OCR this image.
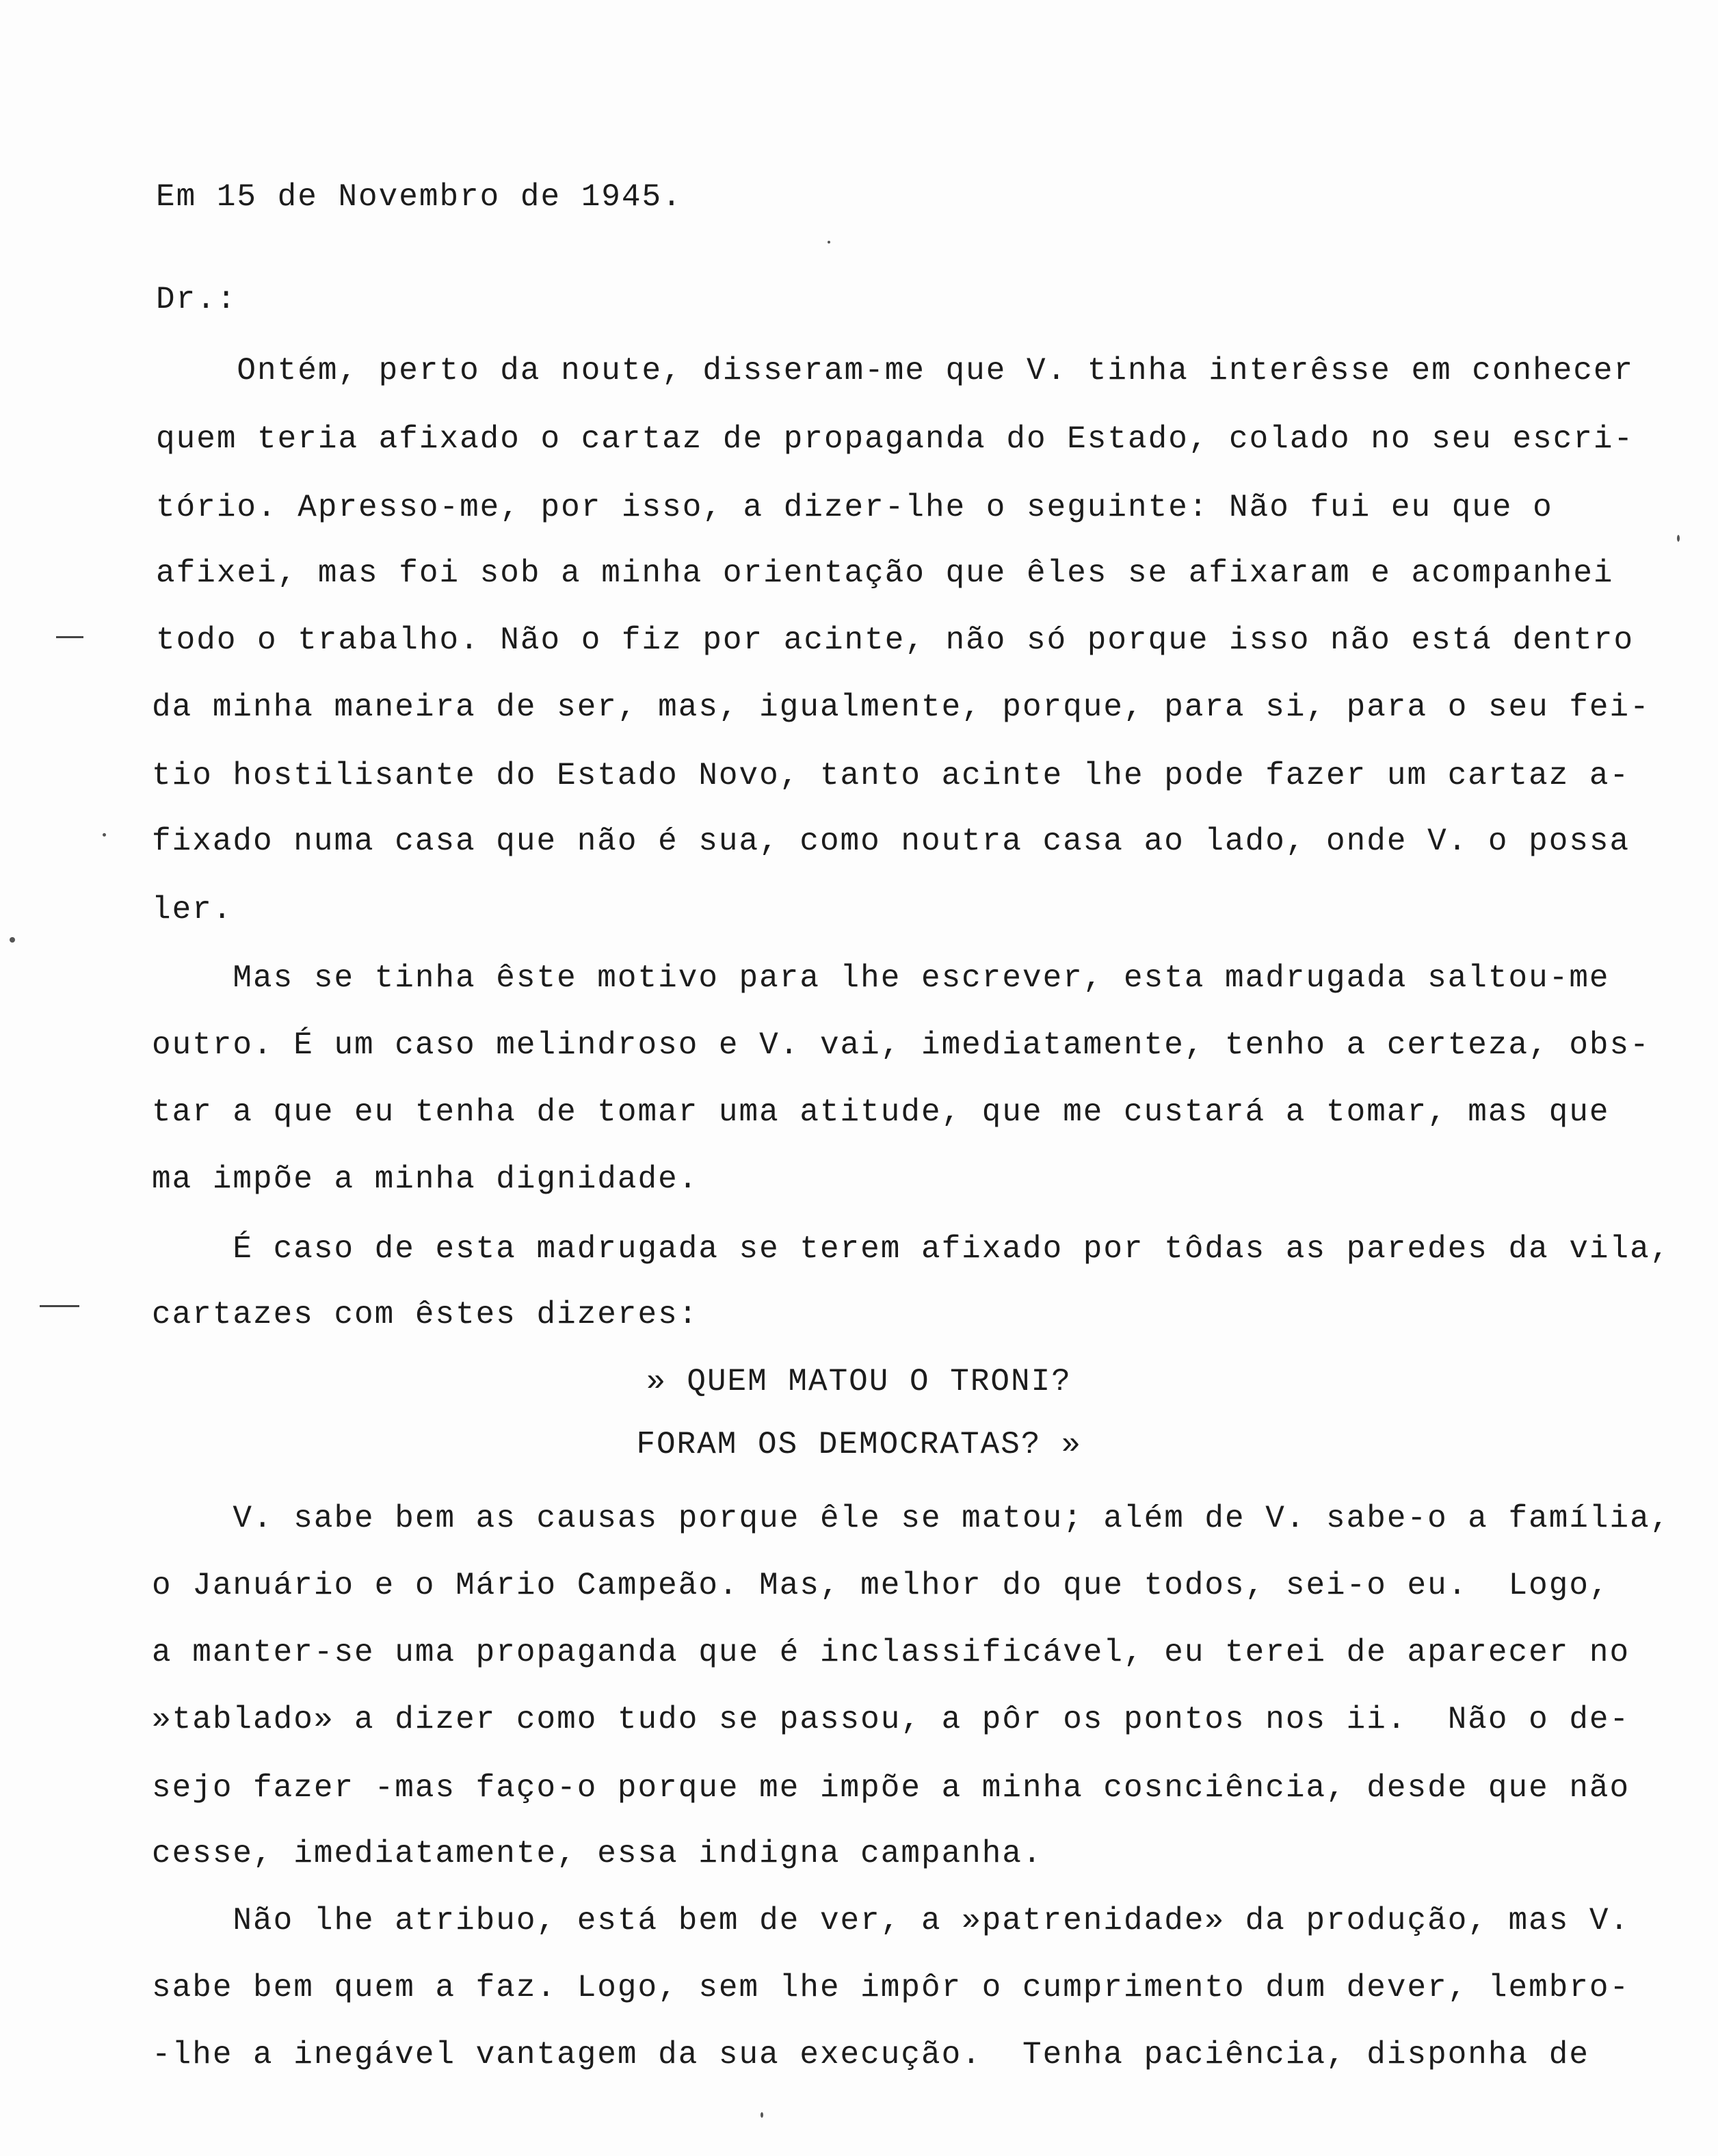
Em 15 de Novembro de 1945.
Dr.:
Ontém, perto da noute, disseram-me que V. tinha interêsse em conhecer
quem teria afixado o cartaz de propaganda do Estado, colado no seu escri-
tório. Apresso-me, por isso, a dizer-lhe o seguinte: Não fui eu que o
afixei, mas foi sob a minha orientação que êles se afixaram e acompanhei
todo o trabalho. Não o fiz por acinte, não só porque isso não está dentro
da minha maneira de ser, mas, igualmente, porque, para si, para o seu fei-
tio hostilisante do Estado Novo, tanto acinte lhe pode fazer um cartaz a-
fixado numa casa que não é sua, como noutra casa ao lado, onde V. o possa
ler.
Mas se tinha êste motivo para lhe escrever, esta madrugada saltou-me
outro. É um caso melindroso e V. vai, imediatamente, tenho a certeza, obs-
tar a que eu tenha de tomar uma atitude, que me custará a tomar, mas que
ma impõe a minha dignidade.
É caso de esta madrugada se terem afixado por tôdas as paredes da vila,
cartazes com êstes dizeres:
» QUEM MATOU O TRONI?
FORAM OS DEMOCRATAS? »
V. sabe bem as causas porque êle se matou; além de V. sabe-o a família,
o Januário e o Mário Campeão. Mas, melhor do que todos, sei-o eu.  Logo,
a manter-se uma propaganda que é inclassificável, eu terei de aparecer no
»tablado» a dizer como tudo se passou, a pôr os pontos nos ii.  Não o de-
sejo fazer -mas faço-o porque me impõe a minha cosnciência, desde que não
cesse, imediatamente, essa indigna campanha.
Não lhe atribuo, está bem de ver, a »patrenidade» da produção, mas V.
sabe bem quem a faz. Logo, sem lhe impôr o cumprimento dum dever, lembro-
-lhe a inegável vantagem da sua execução.  Tenha paciência, disponha de
